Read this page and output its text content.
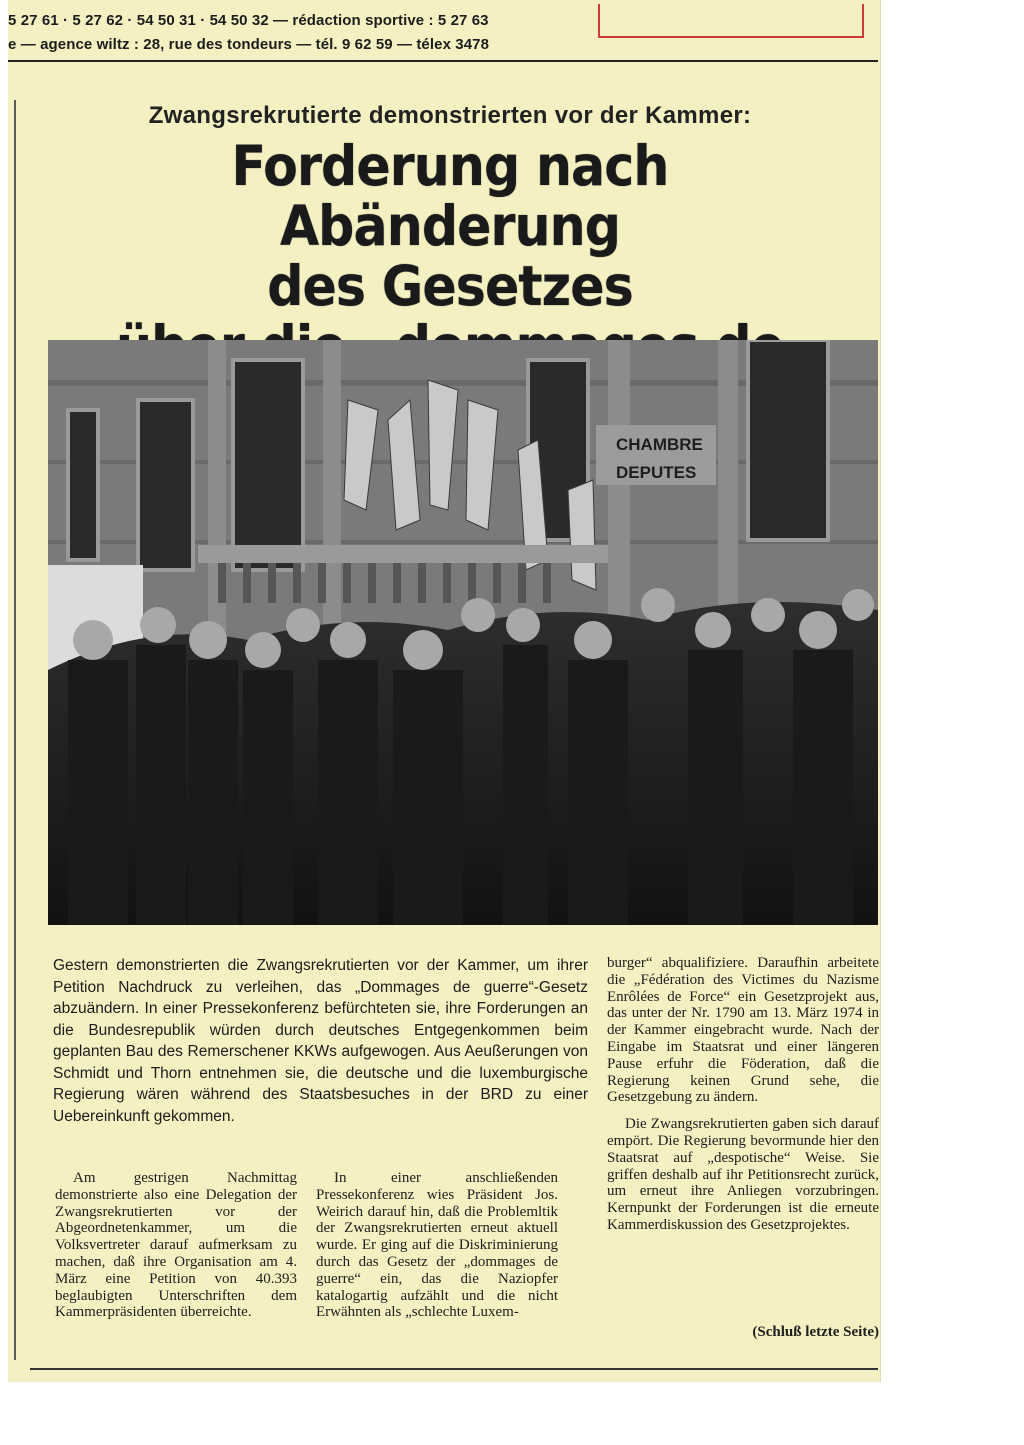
5 27 61 · 5 27 62 · 54 50 31 · 54 50 32 — rédaction sportive : 5 27 63
e — agence wiltz : 28, rue des tondeurs — tél. 9 62 59 — télex 3478
Zwangsrekrutierte demonstrierten vor der Kammer:
Forderung nach Abänderung
des Gesetzes
CHAMBRE
DEPUTES
Gestern demonstrierten die Zwangsrekrutierten vor der Kammer, um ihrer Petition Nachdruck zu verleihen, das „Dommages de guerre“-Gesetz abzuändern. In einer Pressekonferenz befürchteten sie, ihre Forderungen an die Bundesrepublik würden durch deutsches Entgegenkommen beim geplanten Bau des Remerschener KKWs aufgewogen. Aus Aeußerungen von Schmidt und Thorn entnehmen sie, die deutsche und die luxemburgische Regierung wären während des Staatsbesuches in der BRD zu einer Uebereinkunft gekommen.

Am gestrigen Nachmittag demonstrierte also eine Delegation der Zwangsrekrutierten vor der Abgeordnetenkammer, um die Volksvertreter darauf aufmerksam zu machen, daß ihre Organisation am 4. März eine Petition von 40.393 beglaubigten Unterschriften dem Kammerpräsidenten überreichte.

In einer anschließenden Pressekonferenz wies Präsident Jos. Weirich darauf hin, daß die Problemltik der Zwangsrekrutierten erneut aktuell wurde. Er ging auf die Diskriminierung durch das Gesetz der „dommages de guerre“ ein, das die Naziopfer katalogartig aufzählt und die nicht Erwähnten als „schlechte Luxem-

burger“ abqualifiziere. Daraufhin arbeitete die „Fédération des Victimes du Nazisme Enrôlées de Force“ ein Gesetzprojekt aus, das unter der Nr. 1790 am 13. März 1974 in der Kammer eingebracht wurde. Nach der Eingabe im Staatsrat und einer längeren Pause erfuhr die Föderation, daß die Regierung keinen Grund sehe, die Gesetzgebung zu ändern.

Die Zwangsrekrutierten gaben sich darauf empört. Die Regierung bevormunde hier den Staatsrat auf „despotische“ Weise. Sie griffen deshalb auf ihr Petitionsrecht zurück, um erneut ihre Anliegen vorzubringen. Kernpunkt der Forderungen ist die erneute Kammerdiskussion des Gesetzprojektes.

(Schluß letzte Seite)
